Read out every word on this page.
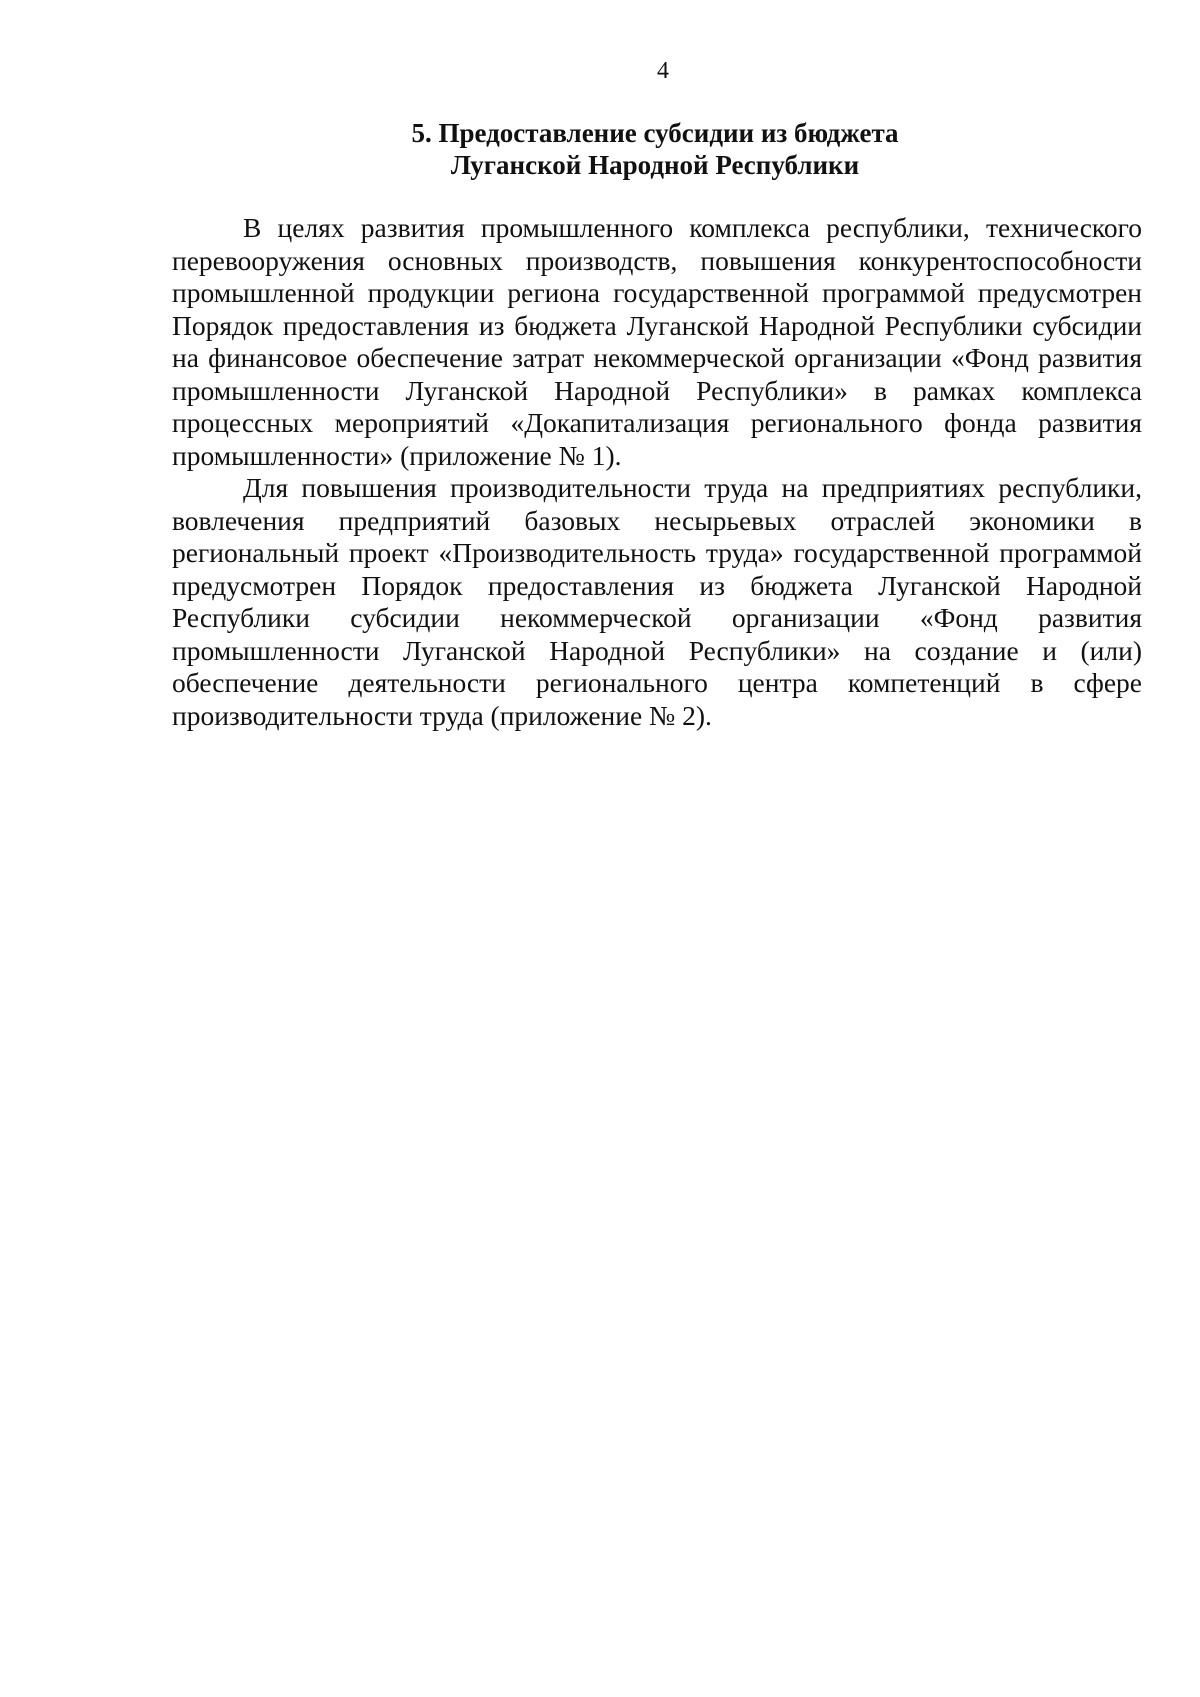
4
5. Предоставление субсидии из бюджета
Луганской Народной Республики

В целях развития промышленного комплекса республики, технического перевооружения основных производств, повышения конкурентоспособности промышленной продукции региона государственной программой предусмотрен Порядок предоставления из бюджета Луганской Народной Республики субсидии на финансовое обеспечение затрат некоммерческой организации «Фонд развития промышленности Луганской Народной Республики» в рамках комплекса процессных мероприятий «Докапитализация регионального фонда развития промышленности» (приложение № 1).

Для повышения производительности труда на предприятиях республики, вовлечения предприятий базовых несырьевых отраслей экономики в региональный проект «Производительность труда» государственной программой предусмотрен Порядок предоставления из бюджета Луганской Народной Республики субсидии некоммерческой организации «Фонд развития промышленности Луганской Народной Республики» на создание и (или) обеспечение деятельности регионального центра компетенций в сфере производительности труда (приложение № 2).
